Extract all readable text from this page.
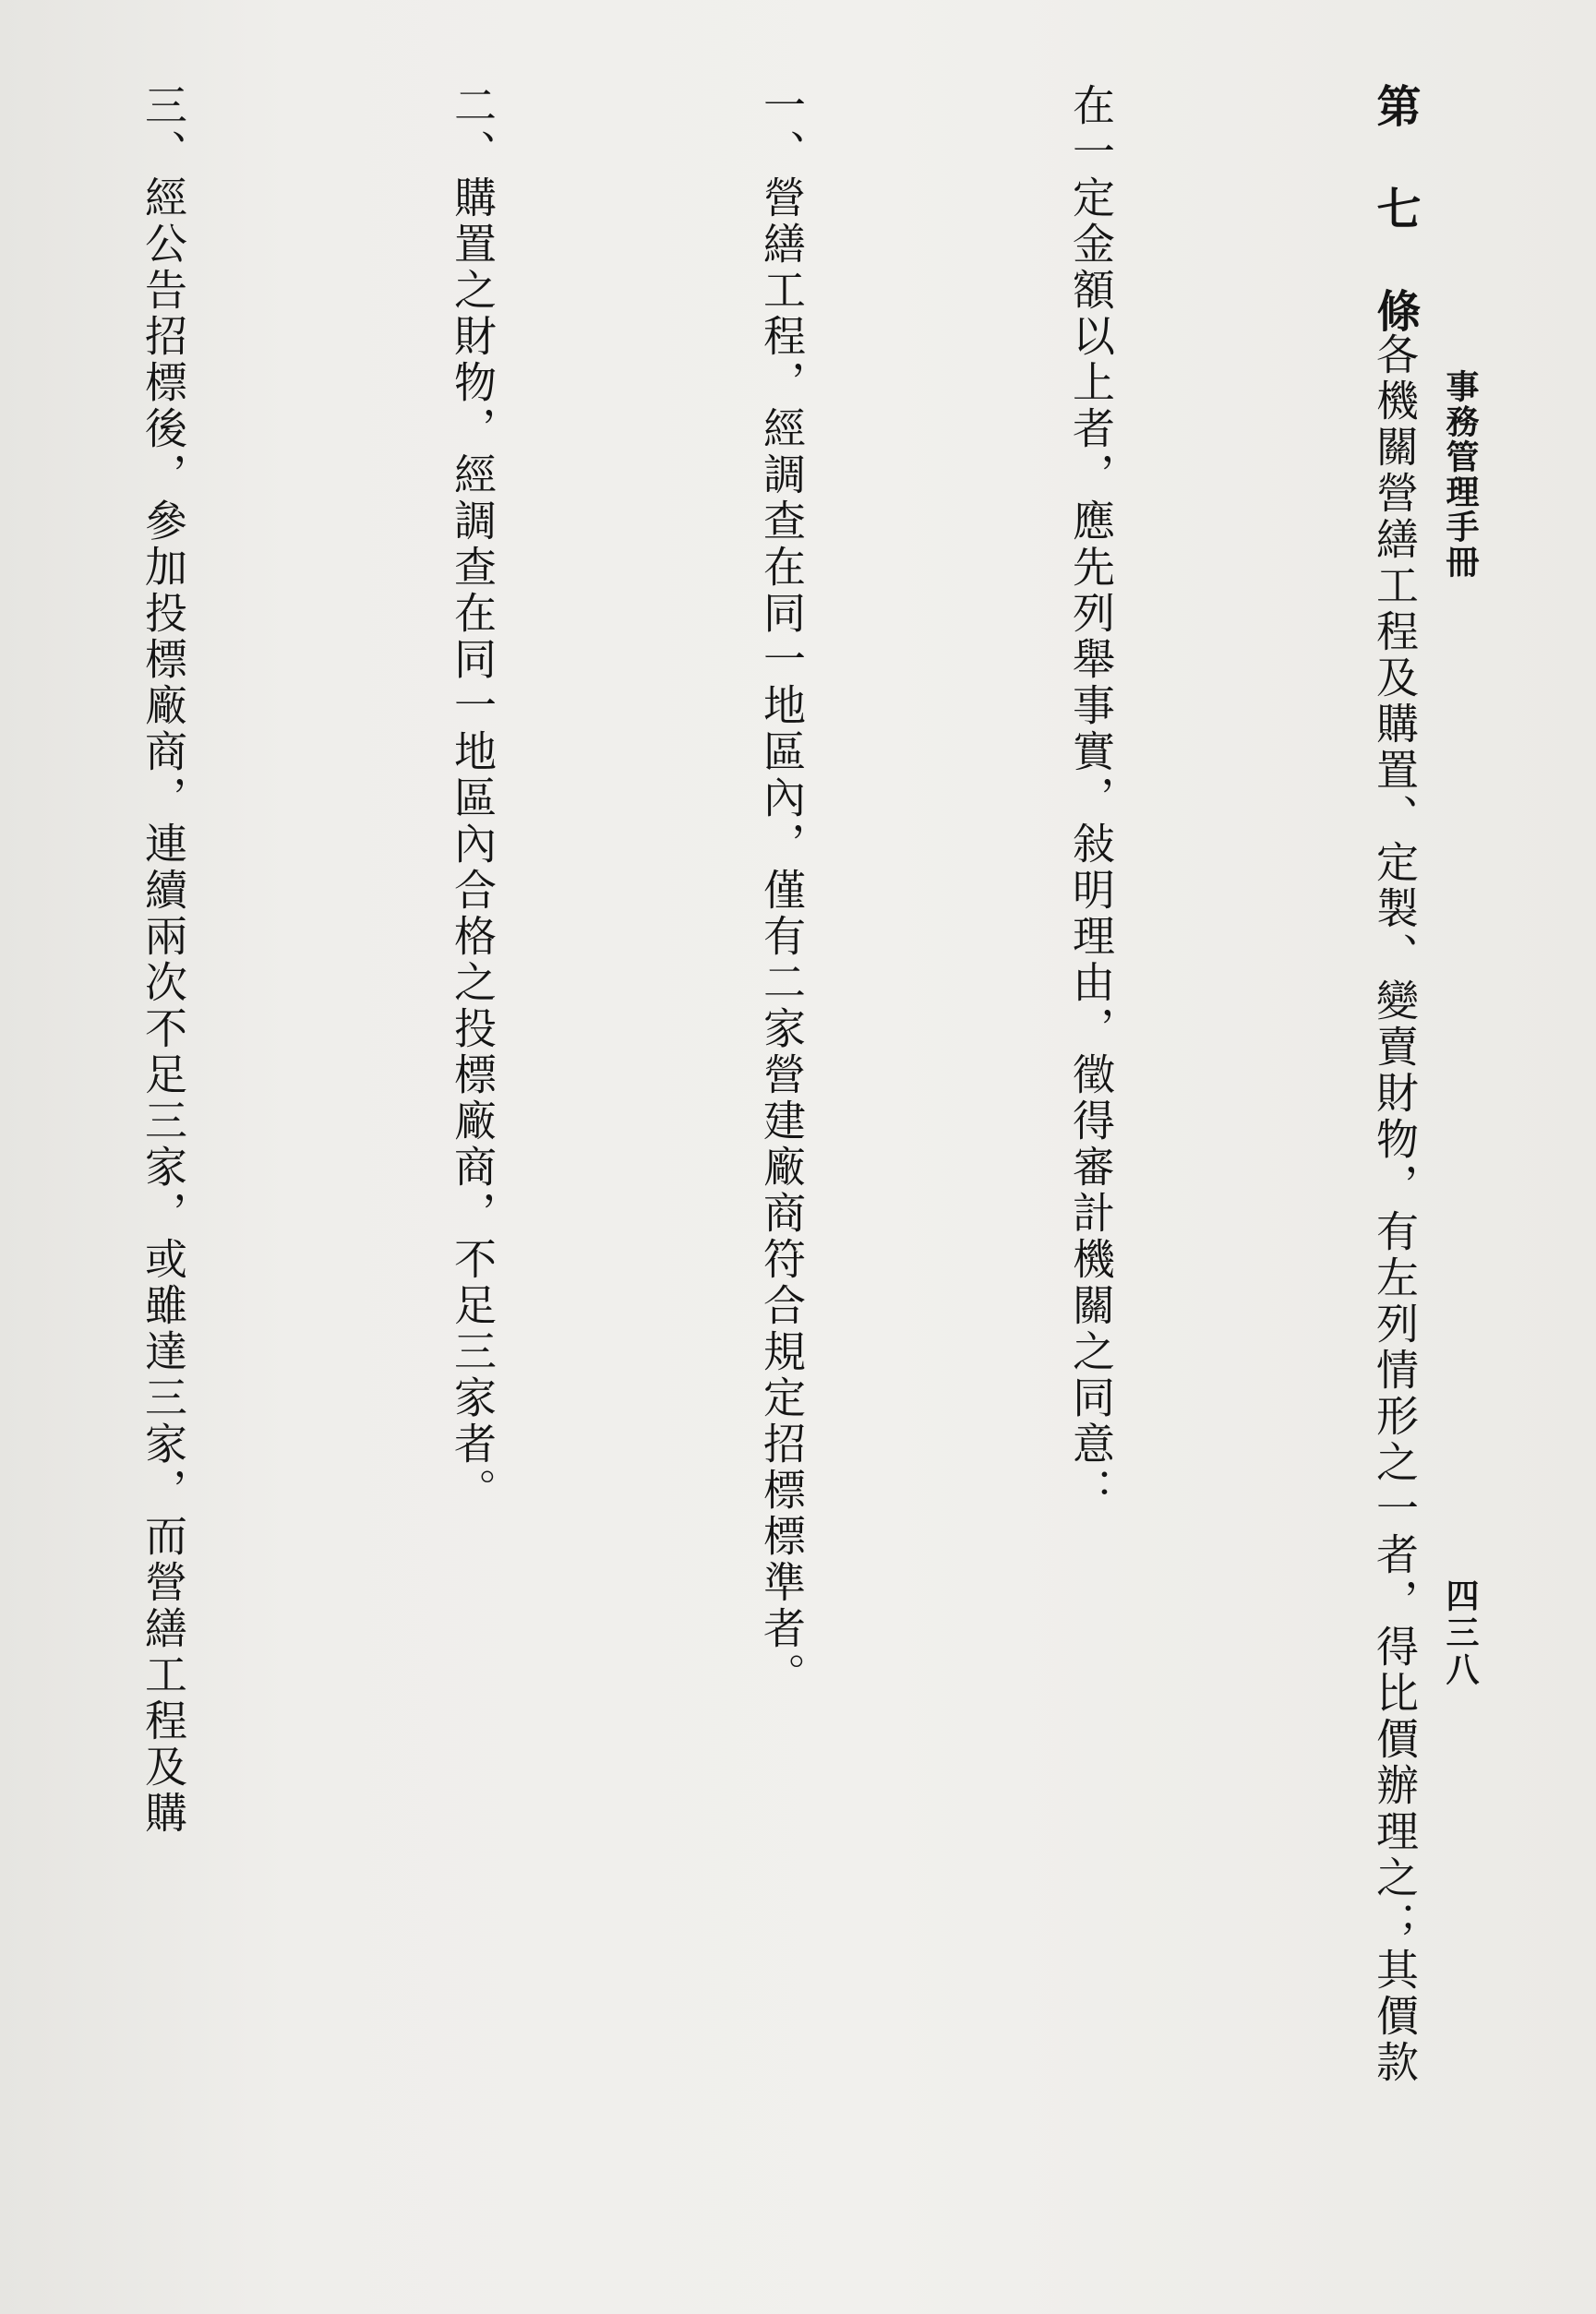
事務管理手冊
四三八
第七條各機關營繕工程及購置、定製、變賣財物，有左列情形之一者，得比價辦理之；其價款
在一定金額以上者，應先列舉事實，敍明理由，徵得審計機關之同意：
一、營繕工程，經調查在同一地區內，僅有二家營建廠商符合規定招標標準者。
二、購置之財物，經調查在同一地區內合格之投標廠商，不足三家者。
三、經公告招標後，參加投標廠商，連續兩次不足三家，或雖達三家，而營繕工程及購
